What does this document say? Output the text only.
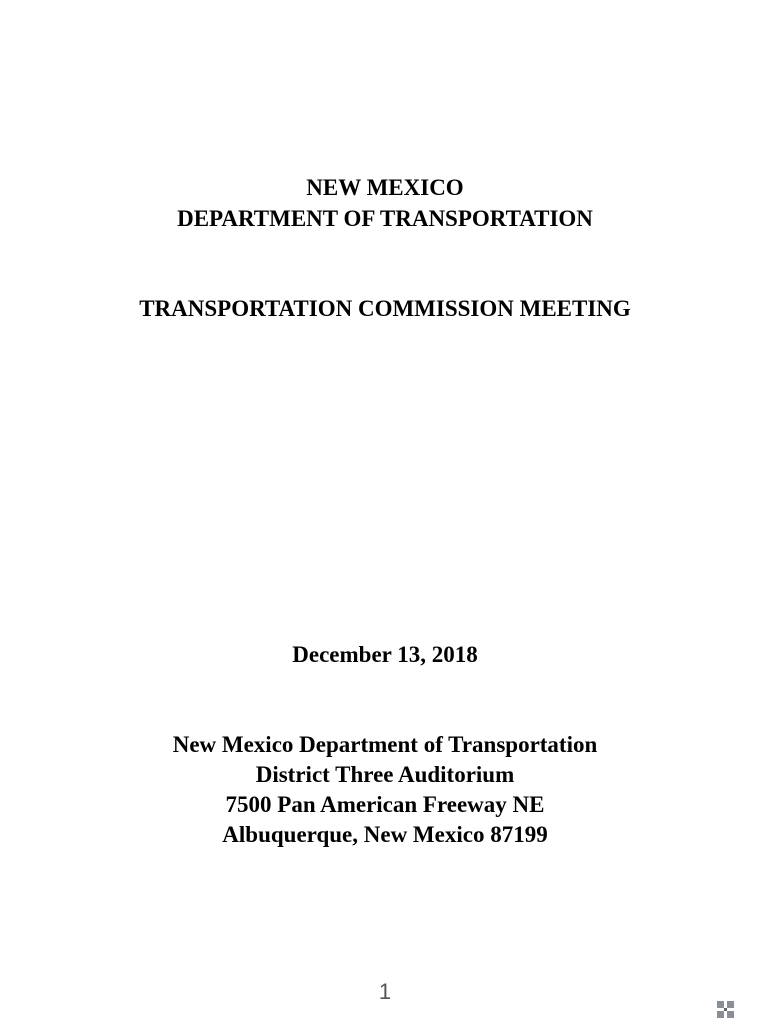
NEW MEXICO
DEPARTMENT OF TRANSPORTATION
TRANSPORTATION COMMISSION MEETING
December 13, 2018
New Mexico Department of Transportation
District Three Auditorium
7500 Pan American Freeway NE
Albuquerque, New Mexico 87199
1
